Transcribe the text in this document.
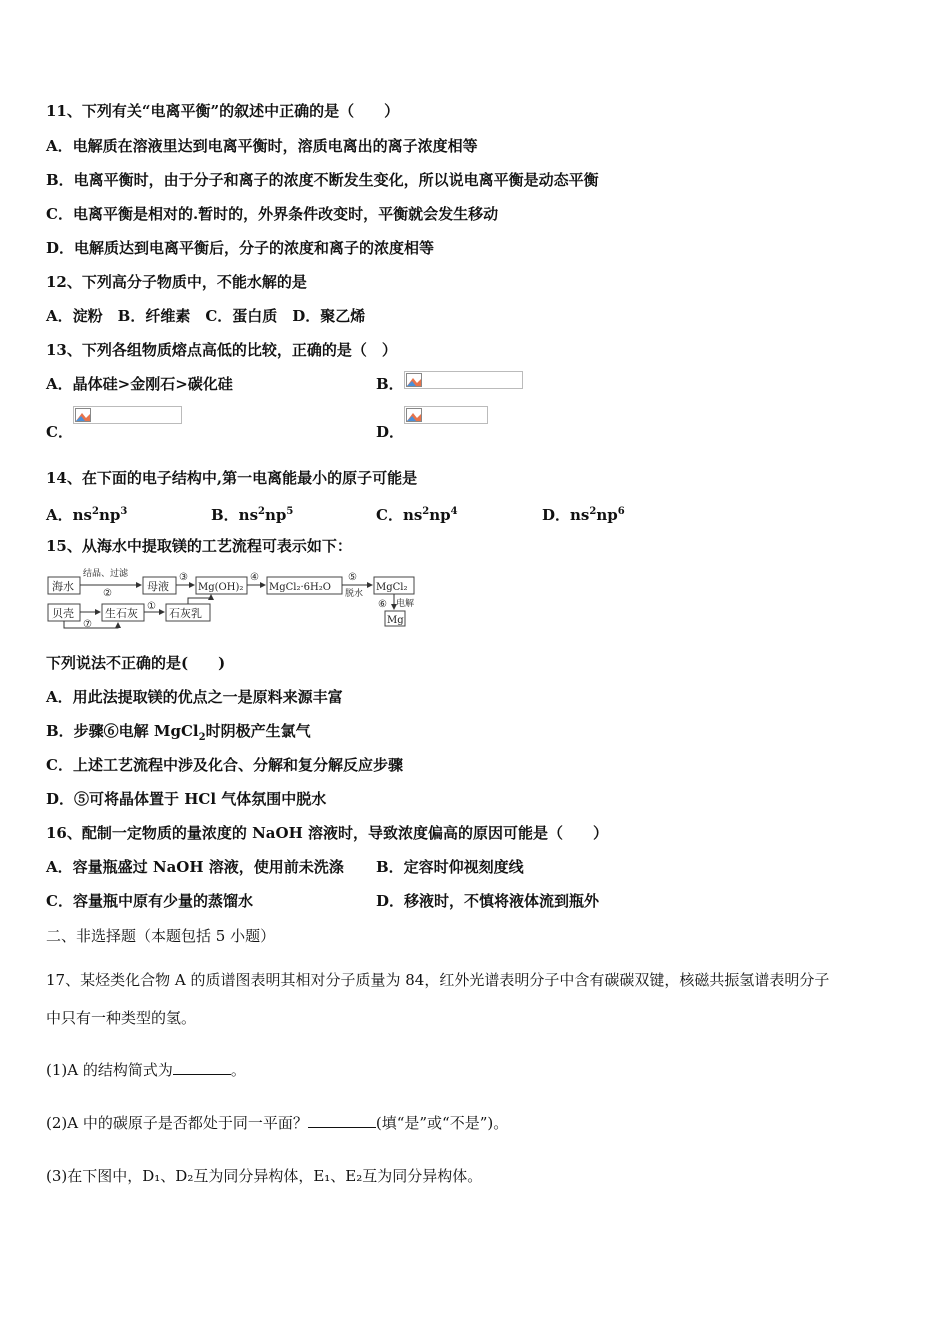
11、下列有关“电离平衡”的叙述中正确的是（　　）
A．电解质在溶液里达到电离平衡时，溶质电离出的离子浓度相等
B．电离平衡时，由于分子和离子的浓度不断发生变化，所以说电离平衡是动态平衡
C．电离平衡是相对的.暂时的，外界条件改变时，平衡就会发生移动
D．电解质达到电离平衡后，分子的浓度和离子的浓度相等
12、下列高分子物质中，不能水解的是
A．淀粉　B．纤维素　C．蛋白质　D．聚乙烯
13、下列各组物质熔点高低的比较，正确的是（　）
A．晶体硅>金刚石>碳化硅	B．
C．	D．
14、在下面的电子结构中,第一电离能最小的原子可能是
A．$ns^2np^3$	B．$ns^2np^5$	C．$ns^2np^4$	D．$ns^2np^6$
15、从海水中提取镁的工艺流程可表示如下：
海水
结晶、过滤
②
母液
③
Mg(OH)₂
④
MgCl₂·6H₂O
⑤
脱水
MgCl₂
⑥ 电解
Mg
贝壳
⑦
生石灰
①
石灰乳
下列说法不正确的是(　　)
A．用此法提取镁的优点之一是原料来源丰富
B．步骤⑥电解 MgCl$_2$时阴极产生氯气
C．上述工艺流程中涉及化合、分解和复分解反应步骤
D．⑤可将晶体置于 HCl 气体氛围中脱水
16、配制一定物质的量浓度的 NaOH 溶液时，导致浓度偏高的原因可能是（　　）
A．容量瓶盛过 NaOH 溶液，使用前未洗涤 B．定容时仰视刻度线
C．容量瓶中原有少量的蒸馏水	D．移液时，不慎将液体流到瓶外
二、非选择题（本题包括 5 小题）
17、某烃类化合物 A 的质谱图表明其相对分子质量为 84，红外光谱表明分子中含有碳碳双键，核磁共振氢谱表明分子
中只有一种类型的氢。
(1)A 的结构简式为	。
(2)A 中的碳原子是否都处于同一平面？	(填“是”或“不是”)。
(3)在下图中，D₁、D₂互为同分异构体，E₁、E₂互为同分异构体。
